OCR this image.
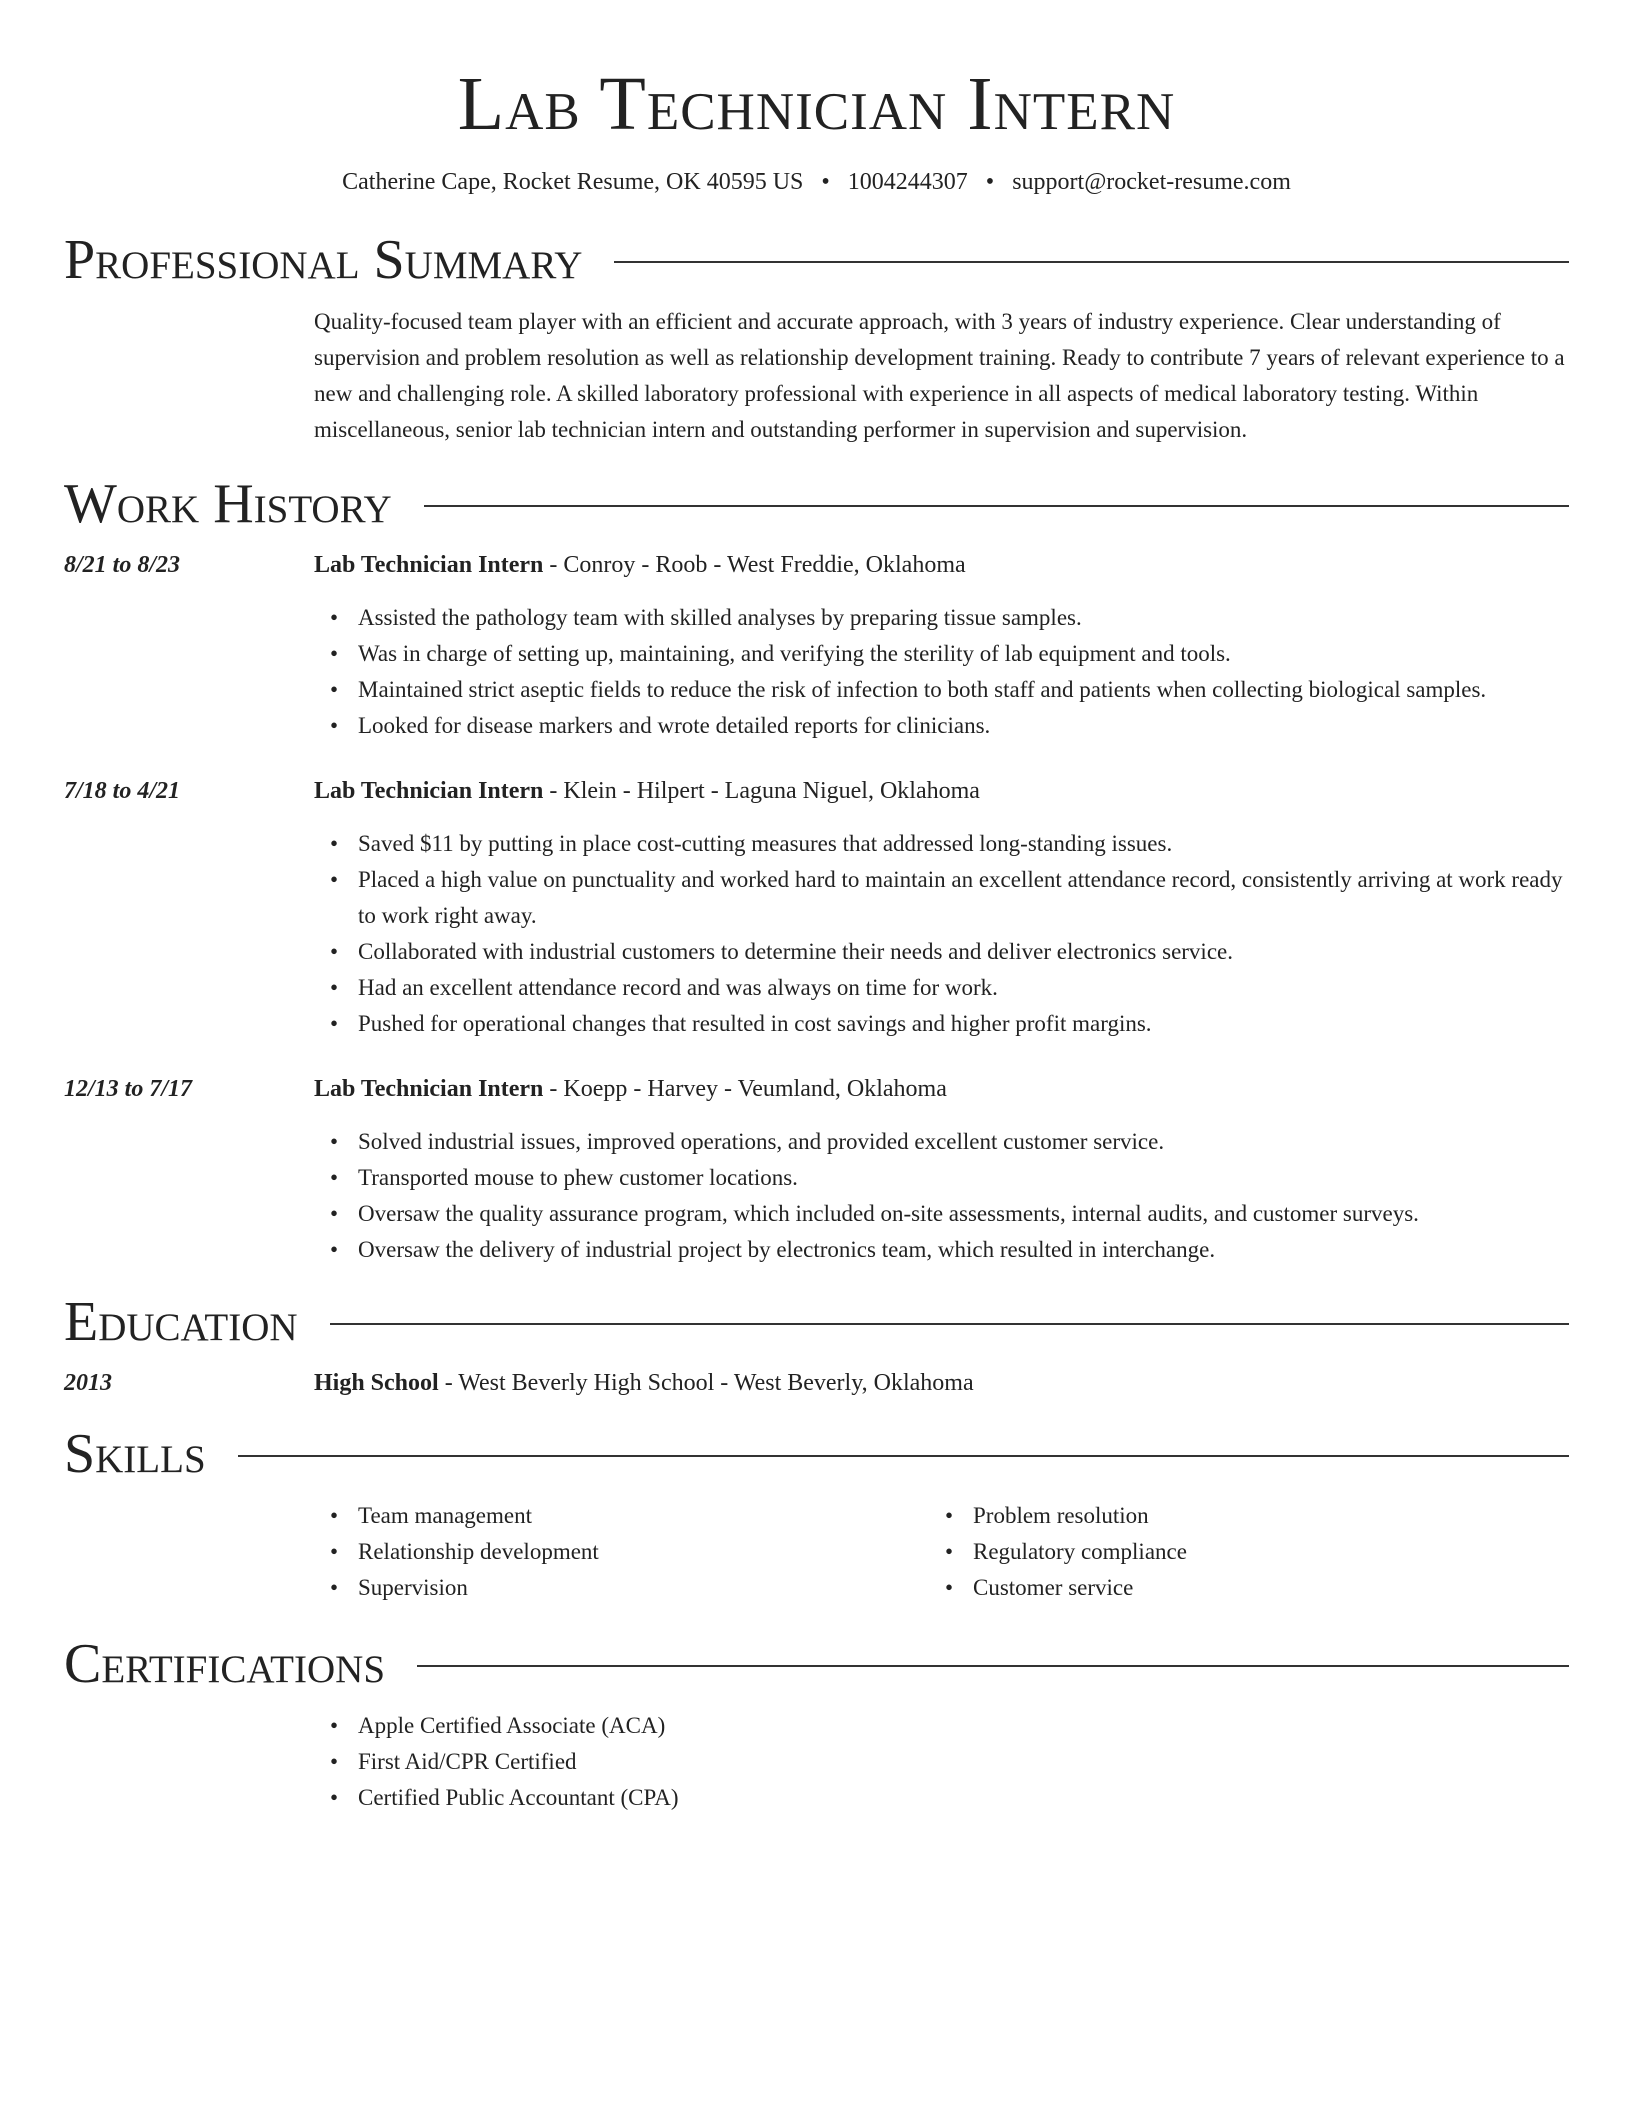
Lab Technician Intern
Catherine Cape, Rocket Resume, OK 40595 US • 1004244307 • support@rocket-resume.com
Professional Summary
Quality-focused team player with an efficient and accurate approach, with 3 years of industry experience. Clear understanding of supervision and problem resolution as well as relationship development training. Ready to contribute 7 years of relevant experience to a new and challenging role. A skilled laboratory professional with experience in all aspects of medical laboratory testing. Within miscellaneous, senior lab technician intern and outstanding performer in supervision and supervision.
Work History
8/21 to 8/23	Lab Technician Intern - Conroy - Roob - West Freddie, Oklahoma
• Assisted the pathology team with skilled analyses by preparing tissue samples.
• Was in charge of setting up, maintaining, and verifying the sterility of lab equipment and tools.
• Maintained strict aseptic fields to reduce the risk of infection to both staff and patients when collecting biological samples.
• Looked for disease markers and wrote detailed reports for clinicians.
7/18 to 4/21	Lab Technician Intern - Klein - Hilpert - Laguna Niguel, Oklahoma
• Saved $11 by putting in place cost-cutting measures that addressed long-standing issues.
• Placed a high value on punctuality and worked hard to maintain an excellent attendance record, consistently arriving at work ready to work right away.
• Collaborated with industrial customers to determine their needs and deliver electronics service.
• Had an excellent attendance record and was always on time for work.
• Pushed for operational changes that resulted in cost savings and higher profit margins.
12/13 to 7/17	Lab Technician Intern - Koepp - Harvey - Veumland, Oklahoma
• Solved industrial issues, improved operations, and provided excellent customer service.
• Transported mouse to phew customer locations.
• Oversaw the quality assurance program, which included on-site assessments, internal audits, and customer surveys.
• Oversaw the delivery of industrial project by electronics team, which resulted in interchange.
Education
2013	High School - West Beverly High School - West Beverly, Oklahoma
Skills
• Team management
• Relationship development
• Supervision
• Problem resolution
• Regulatory compliance
• Customer service
Certifications
• Apple Certified Associate (ACA)
• First Aid/CPR Certified
• Certified Public Accountant (CPA)
